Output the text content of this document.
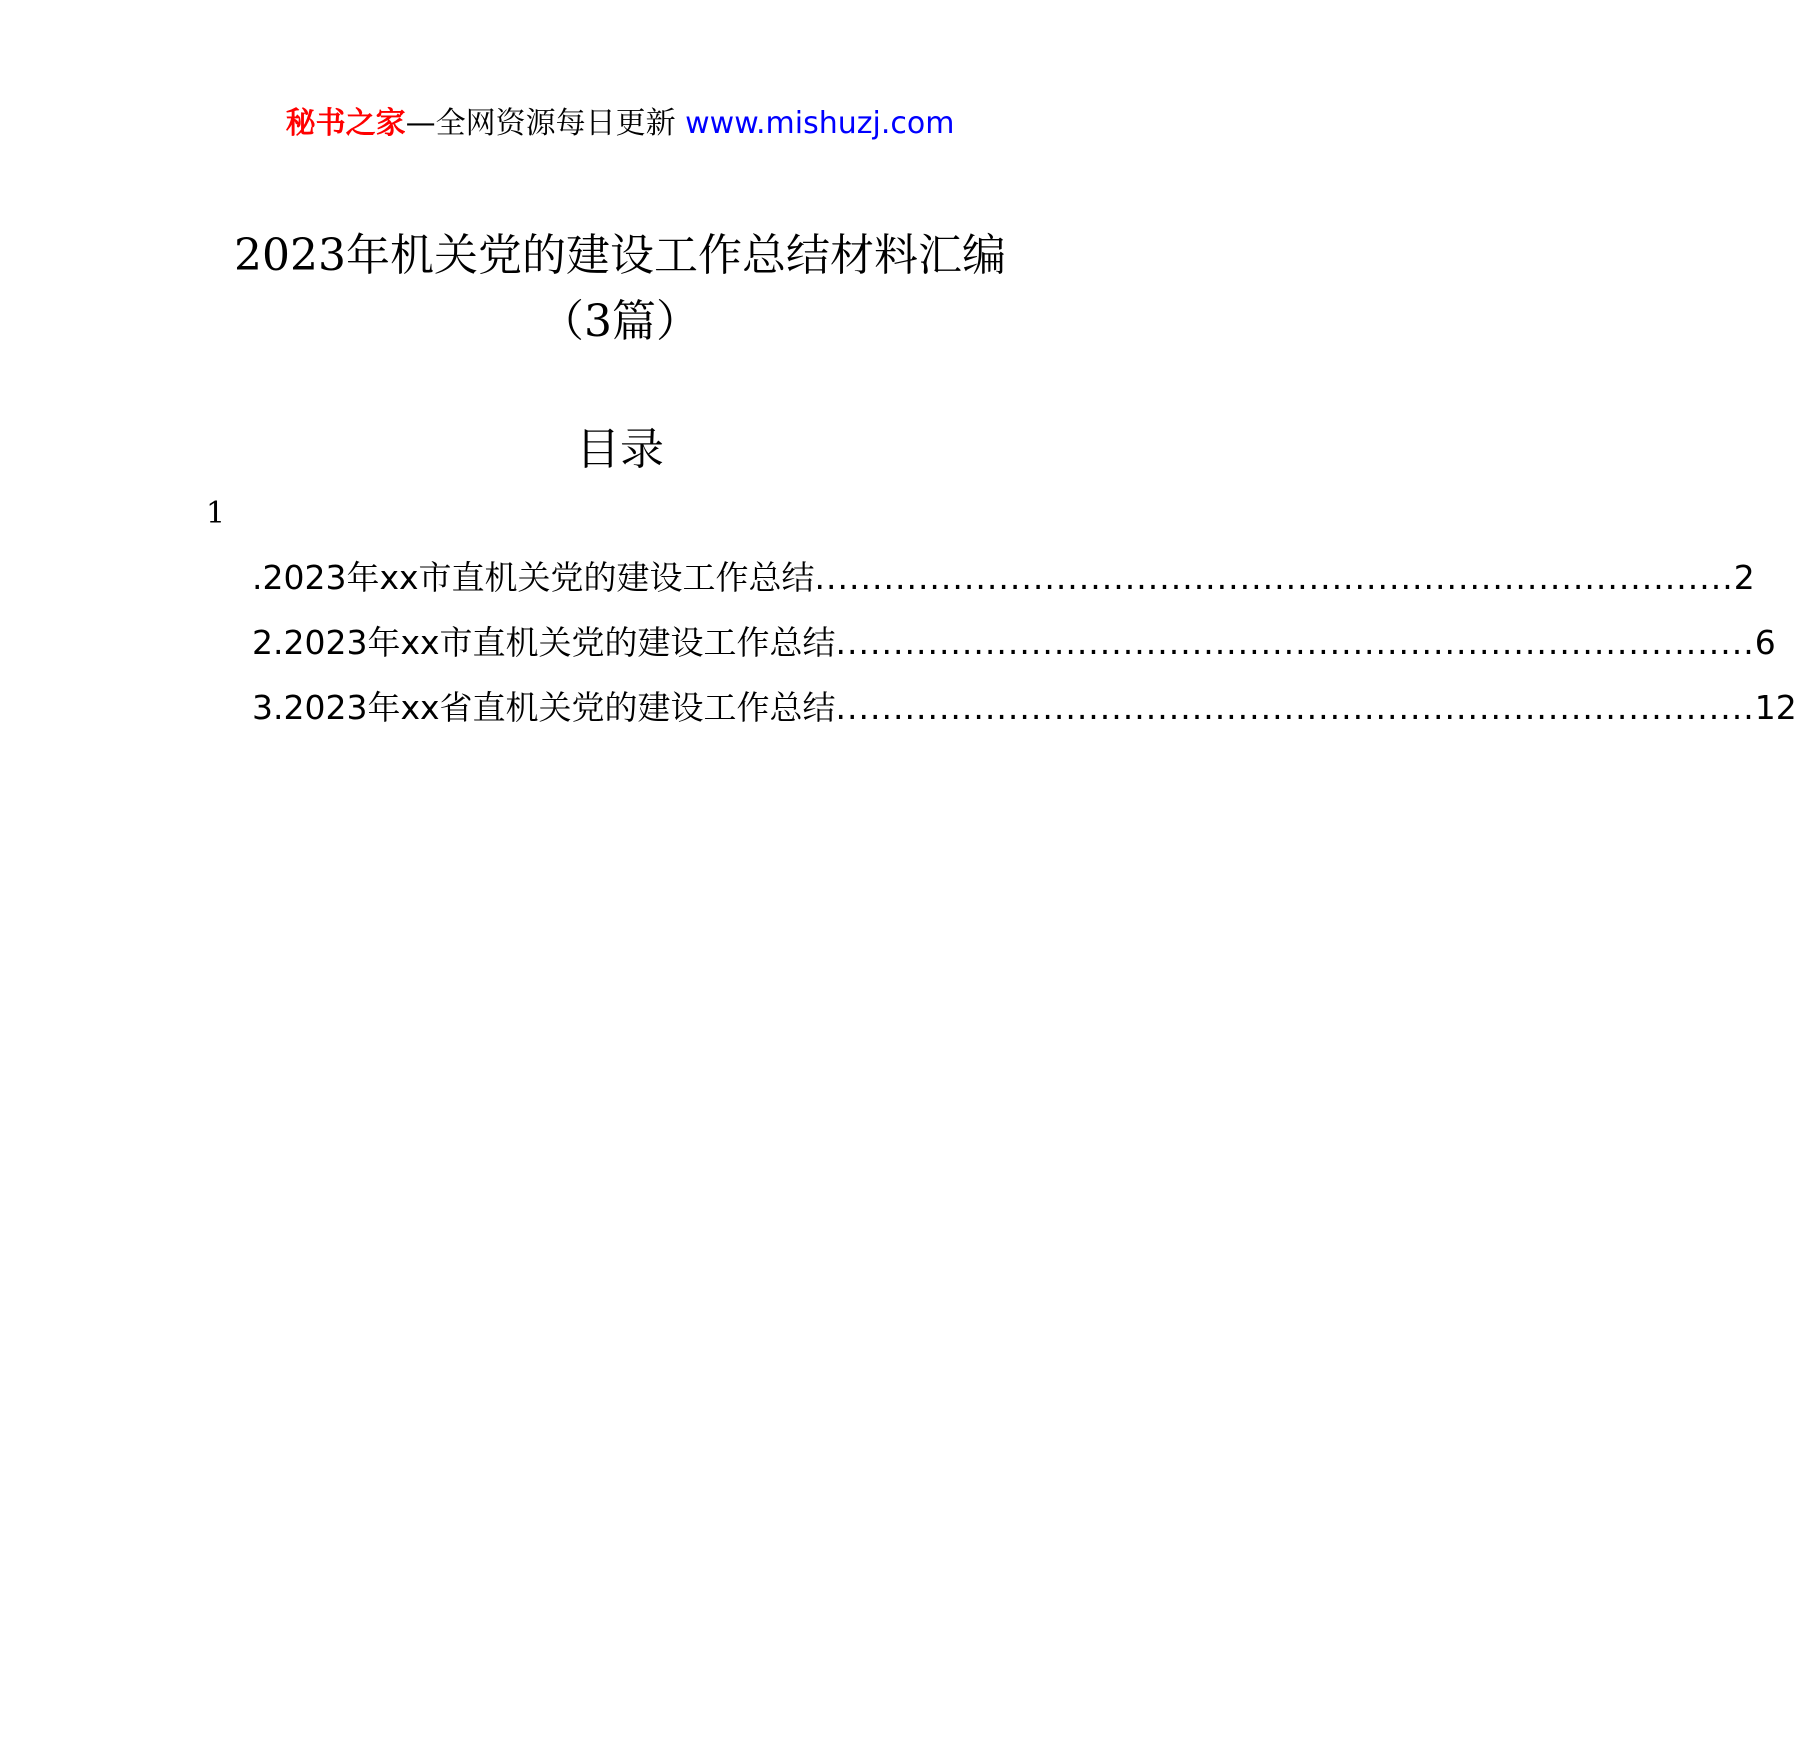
秘书之家—全网资源每日更新 www.mishuzj.com
2023年机关党的建设工作总结材料汇编
（3篇）
目录
1
.2023年xx市直机关党的建设工作总结 ................................................................................ 2
2.2023年xx市直机关党的建设工作总结 ................................................................................ 6
3.2023年xx省直机关党的建设工作总结 ................................................................................ 12
